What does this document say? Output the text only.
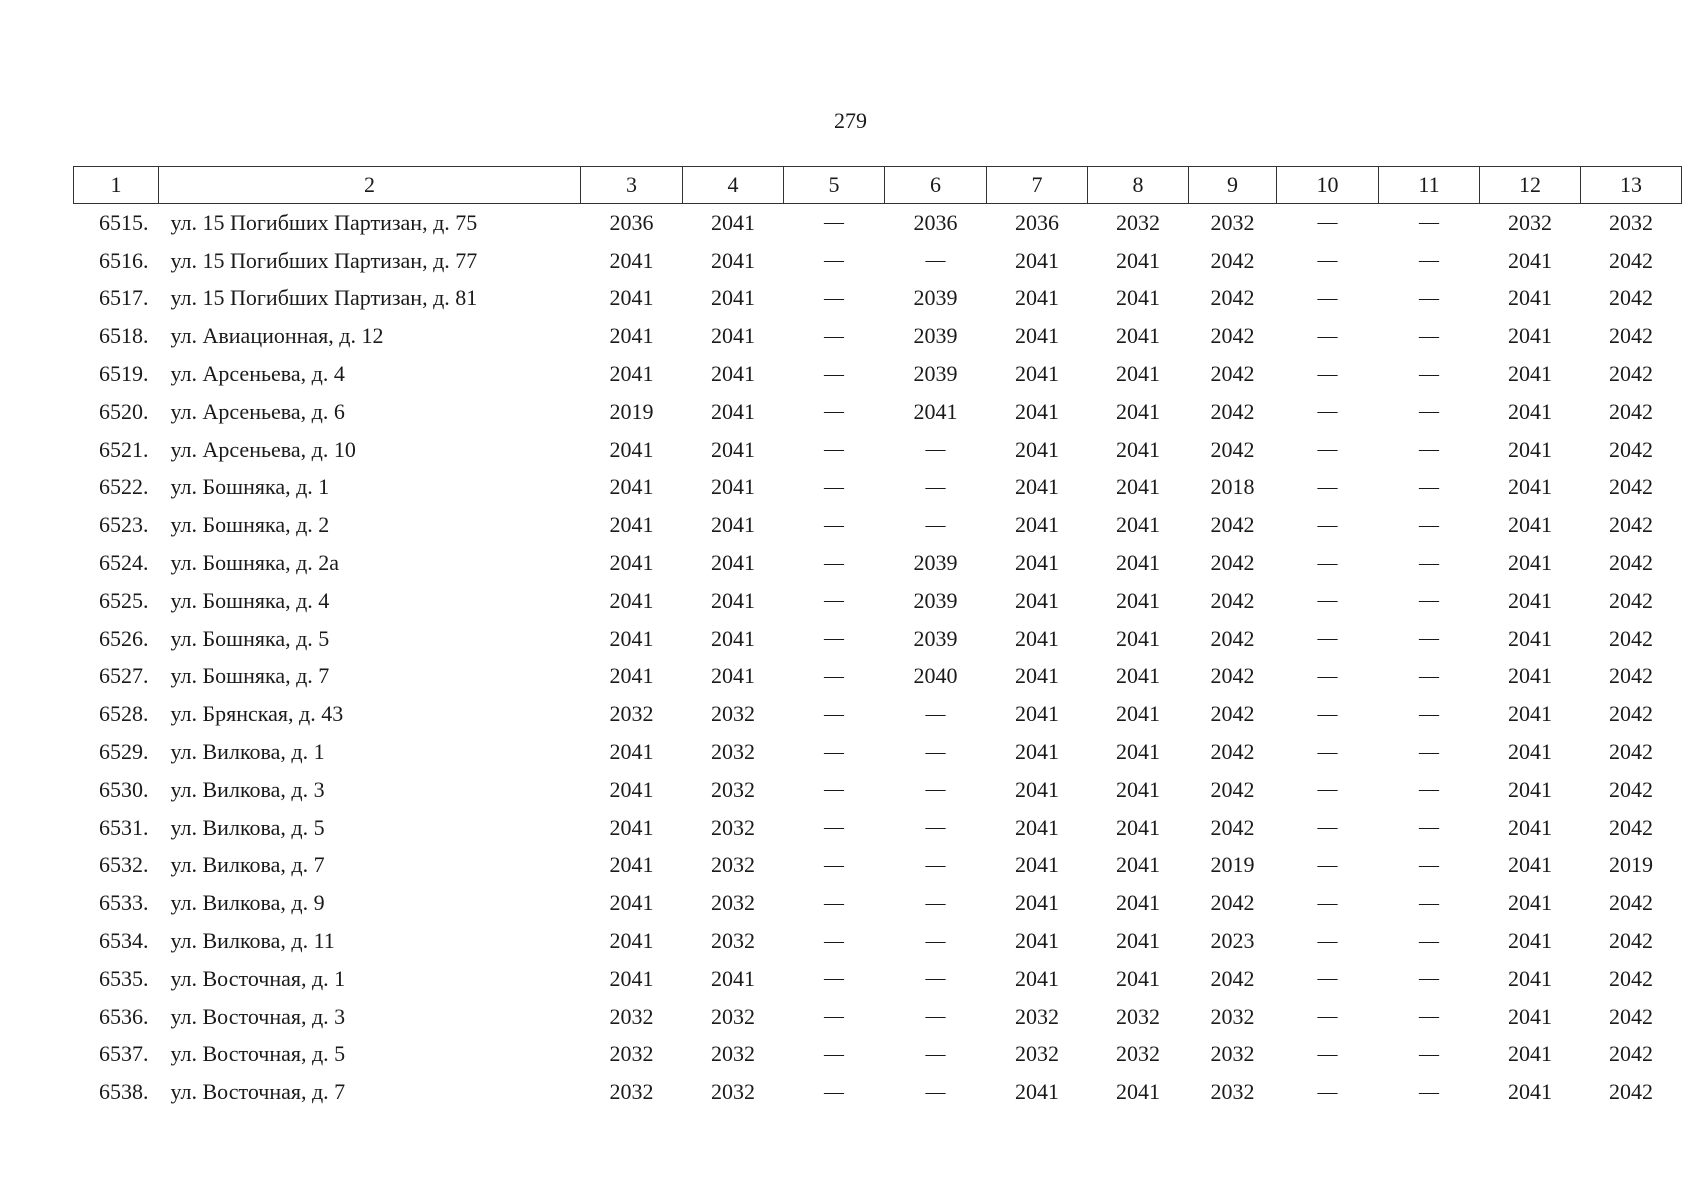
279
1	2	3	4	5	6	7	8	9	10	11	12	13
6515.	ул. 15 Погибших Партизан, д. 75	2036	2041	—	2036	2036	2032	2032	—	—	2032	2032
6516.	ул. 15 Погибших Партизан, д. 77	2041	2041	—	—	2041	2041	2042	—	—	2041	2042
6517.	ул. 15 Погибших Партизан, д. 81	2041	2041	—	2039	2041	2041	2042	—	—	2041	2042
6518.	ул. Авиационная, д. 12	2041	2041	—	2039	2041	2041	2042	—	—	2041	2042
6519.	ул. Арсеньева, д. 4	2041	2041	—	2039	2041	2041	2042	—	—	2041	2042
6520.	ул. Арсеньева, д. 6	2019	2041	—	2041	2041	2041	2042	—	—	2041	2042
6521.	ул. Арсеньева, д. 10	2041	2041	—	—	2041	2041	2042	—	—	2041	2042
6522.	ул. Бошняка, д. 1	2041	2041	—	—	2041	2041	2018	—	—	2041	2042
6523.	ул. Бошняка, д. 2	2041	2041	—	—	2041	2041	2042	—	—	2041	2042
6524.	ул. Бошняка, д. 2а	2041	2041	—	2039	2041	2041	2042	—	—	2041	2042
6525.	ул. Бошняка, д. 4	2041	2041	—	2039	2041	2041	2042	—	—	2041	2042
6526.	ул. Бошняка, д. 5	2041	2041	—	2039	2041	2041	2042	—	—	2041	2042
6527.	ул. Бошняка, д. 7	2041	2041	—	2040	2041	2041	2042	—	—	2041	2042
6528.	ул. Брянская, д. 43	2032	2032	—	—	2041	2041	2042	—	—	2041	2042
6529.	ул. Вилкова, д. 1	2041	2032	—	—	2041	2041	2042	—	—	2041	2042
6530.	ул. Вилкова, д. 3	2041	2032	—	—	2041	2041	2042	—	—	2041	2042
6531.	ул. Вилкова, д. 5	2041	2032	—	—	2041	2041	2042	—	—	2041	2042
6532.	ул. Вилкова, д. 7	2041	2032	—	—	2041	2041	2019	—	—	2041	2019
6533.	ул. Вилкова, д. 9	2041	2032	—	—	2041	2041	2042	—	—	2041	2042
6534.	ул. Вилкова, д. 11	2041	2032	—	—	2041	2041	2023	—	—	2041	2042
6535.	ул. Восточная, д. 1	2041	2041	—	—	2041	2041	2042	—	—	2041	2042
6536.	ул. Восточная, д. 3	2032	2032	—	—	2032	2032	2032	—	—	2041	2042
6537.	ул. Восточная, д. 5	2032	2032	—	—	2032	2032	2032	—	—	2041	2042
6538.	ул. Восточная, д. 7	2032	2032	—	—	2041	2041	2032	—	—	2041	2042
